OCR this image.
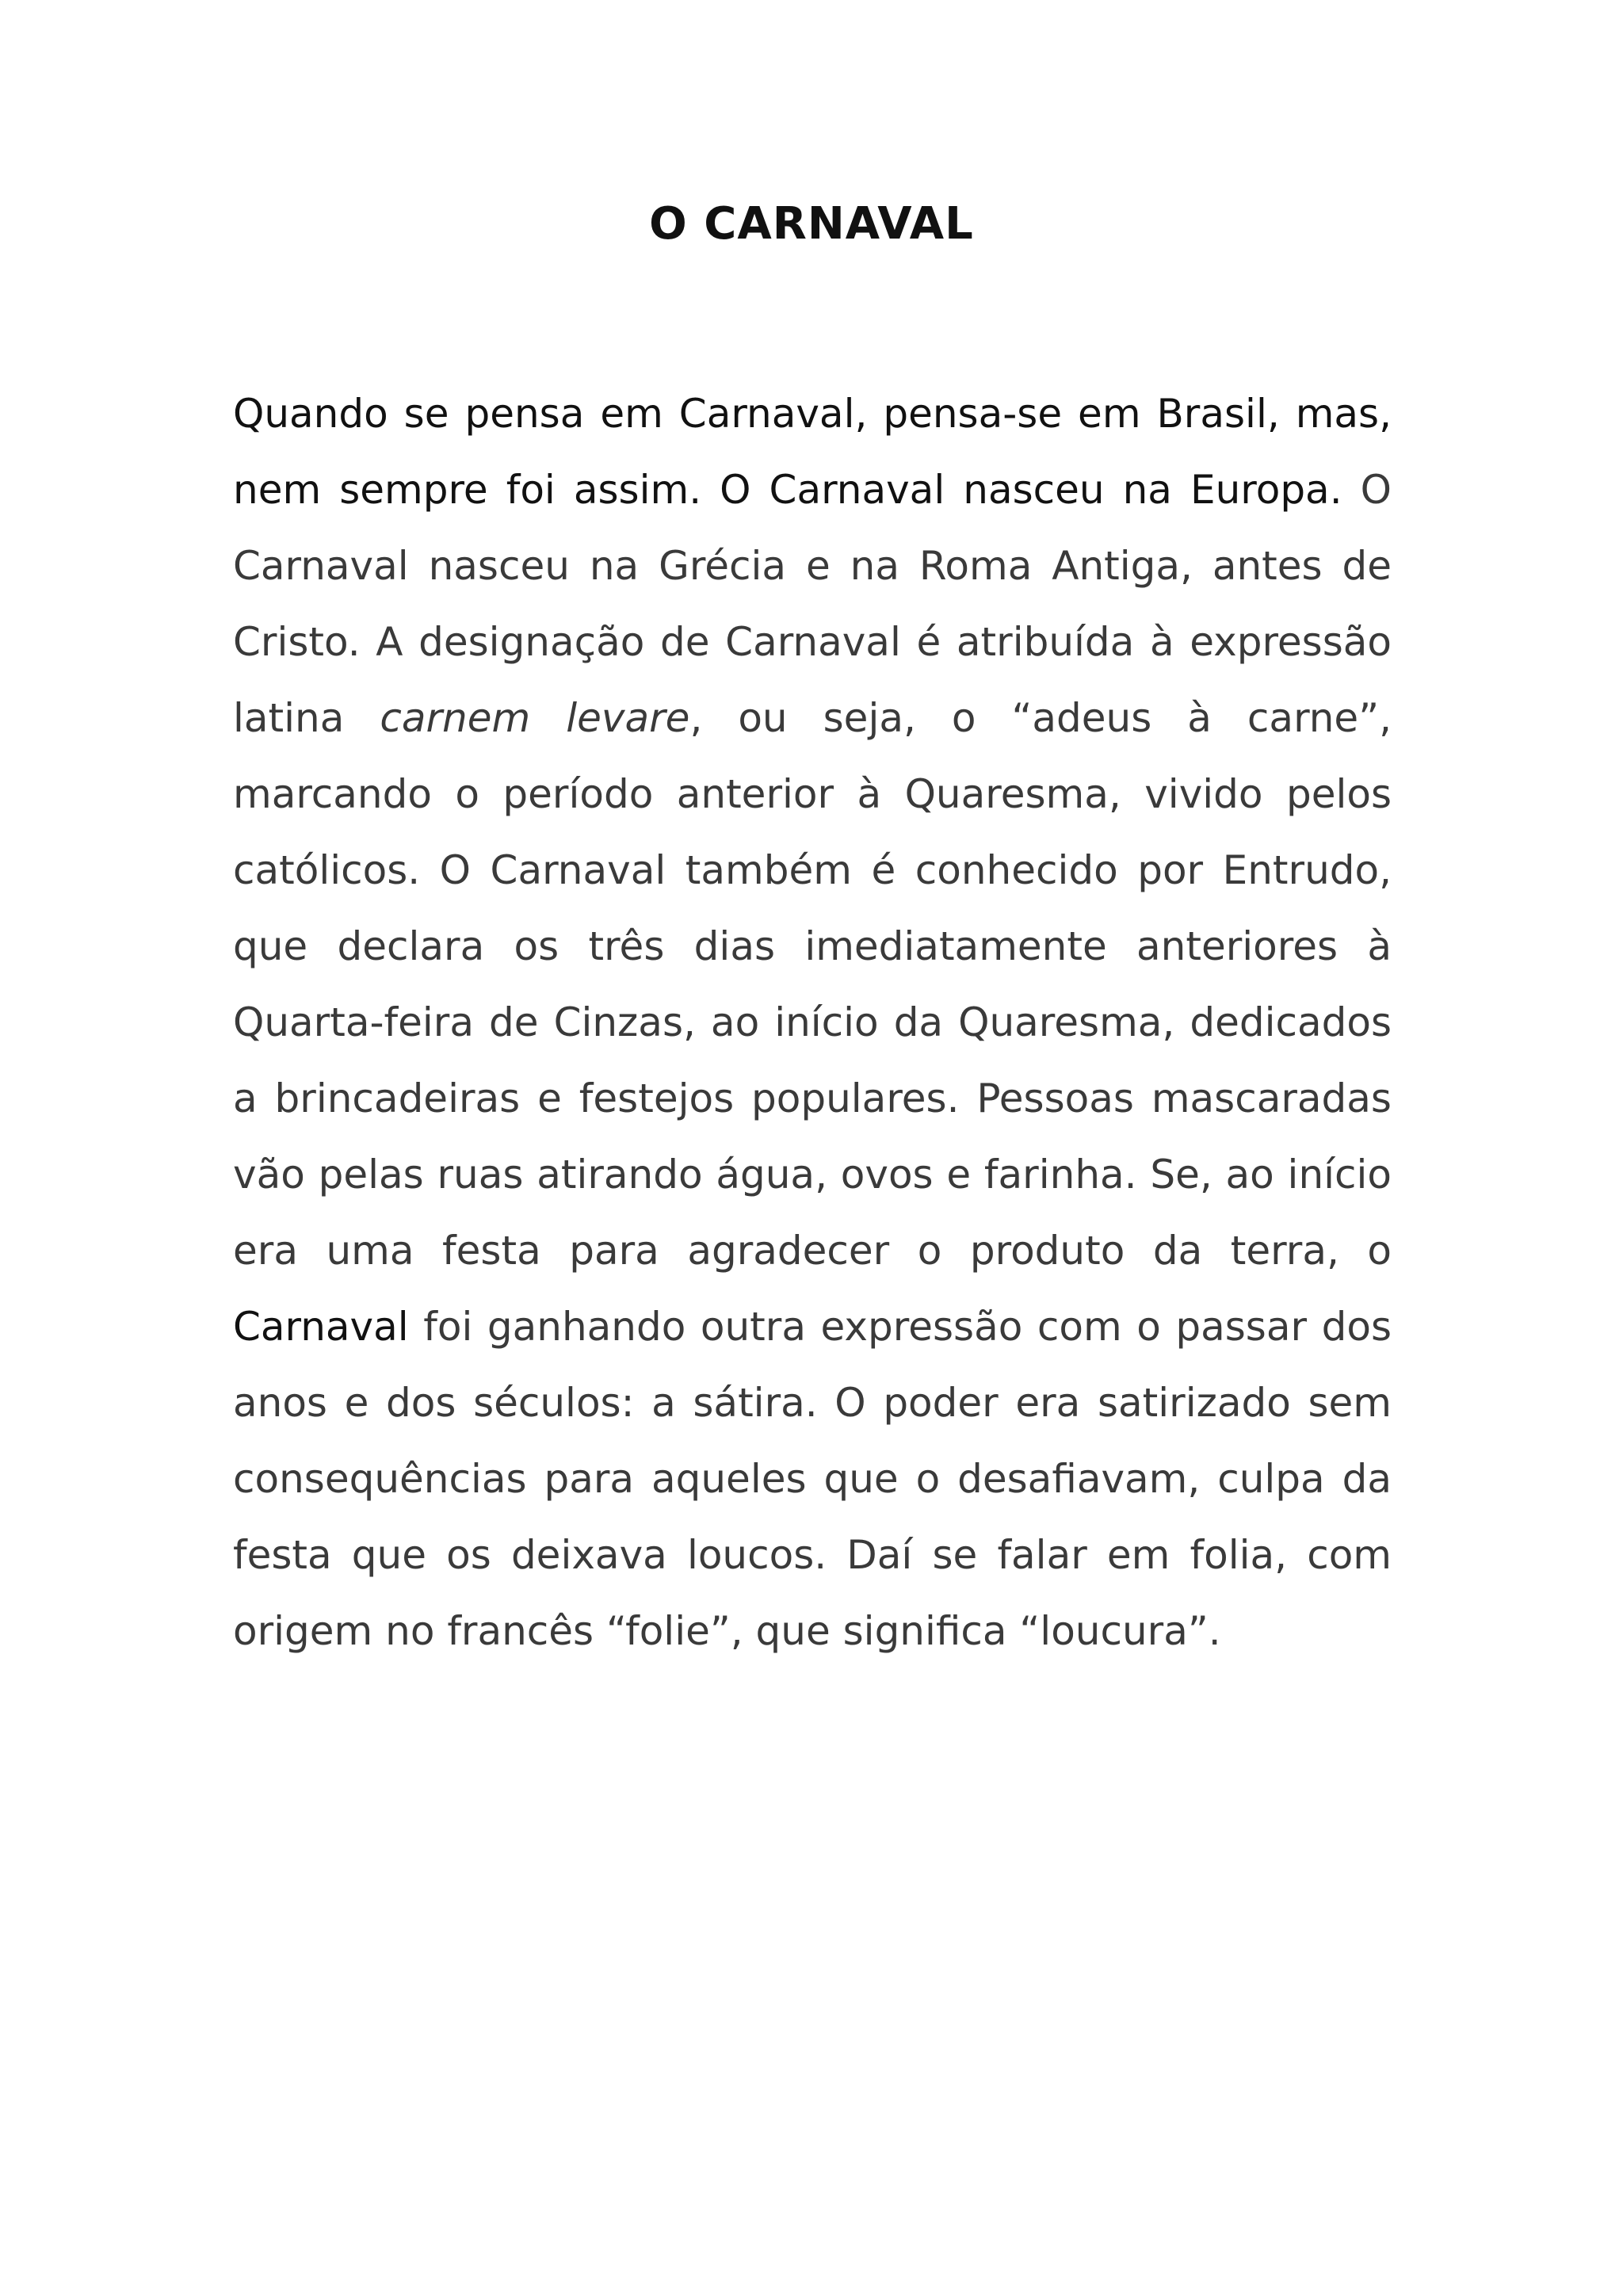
O CARNAVAL

Quando se pensa em Carnaval, pensa-se em Brasil, mas, nem sempre foi assim. O Carnaval nasceu na Europa. O Carnaval nasceu na Grécia e na Roma Antiga, antes de Cristo. A designação de Carnaval é atribuída à expressão latina carnem levare, ou seja, o “adeus à carne”, marcando o período anterior à Quaresma, vivido pelos católicos. O Carnaval também é conhecido por Entrudo, que declara os três dias imediatamente anteriores à Quarta-feira de Cinzas, ao início da Quaresma, dedicados a brincadeiras e festejos populares. Pessoas mascaradas vão pelas ruas atirando água, ovos e farinha. Se, ao início era uma festa para agradecer o produto da terra, o Carnaval foi ganhando outra expressão com o passar dos anos e dos séculos: a sátira. O poder era satirizado sem consequências para aqueles que o desafiavam, culpa da festa que os deixava loucos. Daí se falar em folia, com origem no francês “folie”, que significa “loucura”.
